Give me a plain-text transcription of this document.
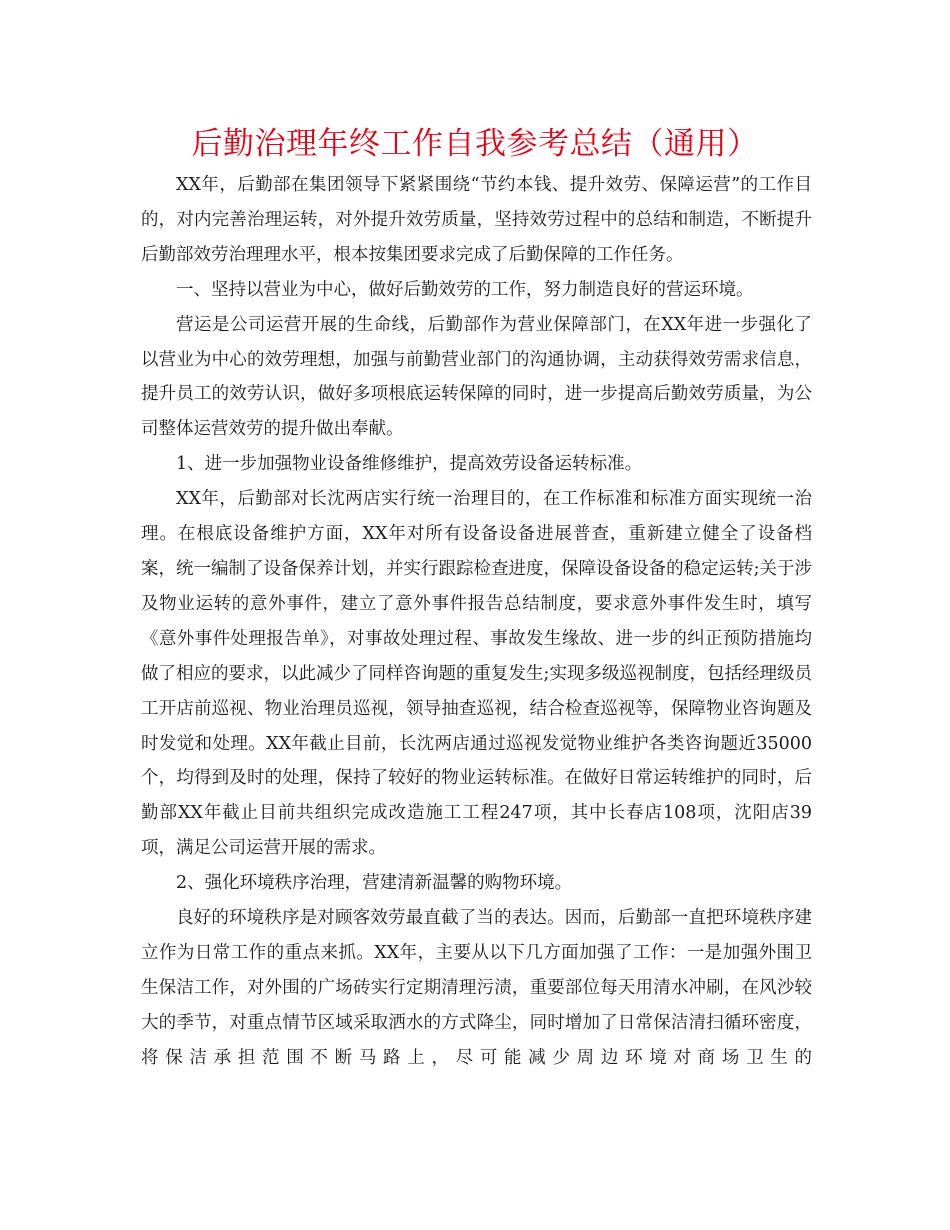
后勤治理年终工作自我参考总结（通用）

XX年，后勤部在集团领导下紧紧围绕“节约本钱、提升效劳、保障运营”的工作目的，对内完善治理运转，对外提升效劳质量，坚持效劳过程中的总结和制造，不断提升后勤部效劳治理理水平，根本按集团要求完成了后勤保障的工作任务。

一、坚持以营业为中心，做好后勤效劳的工作，努力制造良好的营运环境。

营运是公司运营开展的生命线，后勤部作为营业保障部门，在XX年进一步强化了以营业为中心的效劳理想，加强与前勤营业部门的沟通协调，主动获得效劳需求信息，提升员工的效劳认识，做好多项根底运转保障的同时，进一步提高后勤效劳质量，为公司整体运营效劳的提升做出奉献。

1、进一步加强物业设备维修维护，提高效劳设备运转标准。

XX年，后勤部对长沈两店实行统一治理目的，在工作标准和标准方面实现统一治理。在根底设备维护方面，XX年对所有设备设备进展普查，重新建立健全了设备档案，统一编制了设备保养计划，并实行跟踪检查进度，保障设备设备的稳定运转;关于涉及物业运转的意外事件，建立了意外事件报告总结制度，要求意外事件发生时，填写《意外事件处理报告单》，对事故处理过程、事故发生缘故、进一步的纠正预防措施均做了相应的要求，以此减少了同样咨询题的重复发生;实现多级巡视制度，包括经理级员工开店前巡视、物业治理员巡视，领导抽查巡视，结合检查巡视等，保障物业咨询题及时发觉和处理。XX年截止目前，长沈两店通过巡视发觉物业维护各类咨询题近35000个，均得到及时的处理，保持了较好的物业运转标准。在做好日常运转维护的同时，后勤部XX年截止目前共组织完成改造施工工程247项，其中长春店108项，沈阳店39项，满足公司运营开展的需求。

2、强化环境秩序治理，营建清新温馨的购物环境。

良好的环境秩序是对顾客效劳最直截了当的表达。因而，后勤部一直把环境秩序建立作为日常工作的重点来抓。XX年，主要从以下几方面加强了工作：一是加强外围卫生保洁工作，对外围的广场砖实行定期清理污渍，重要部位每天用清水冲刷，在风沙较大的季节，对重点情节区域采取洒水的方式降尘，同时增加了日常保洁清扫循环密度，将保洁承担范围不断马路上，尽可能减少周边环境对商场卫生的
